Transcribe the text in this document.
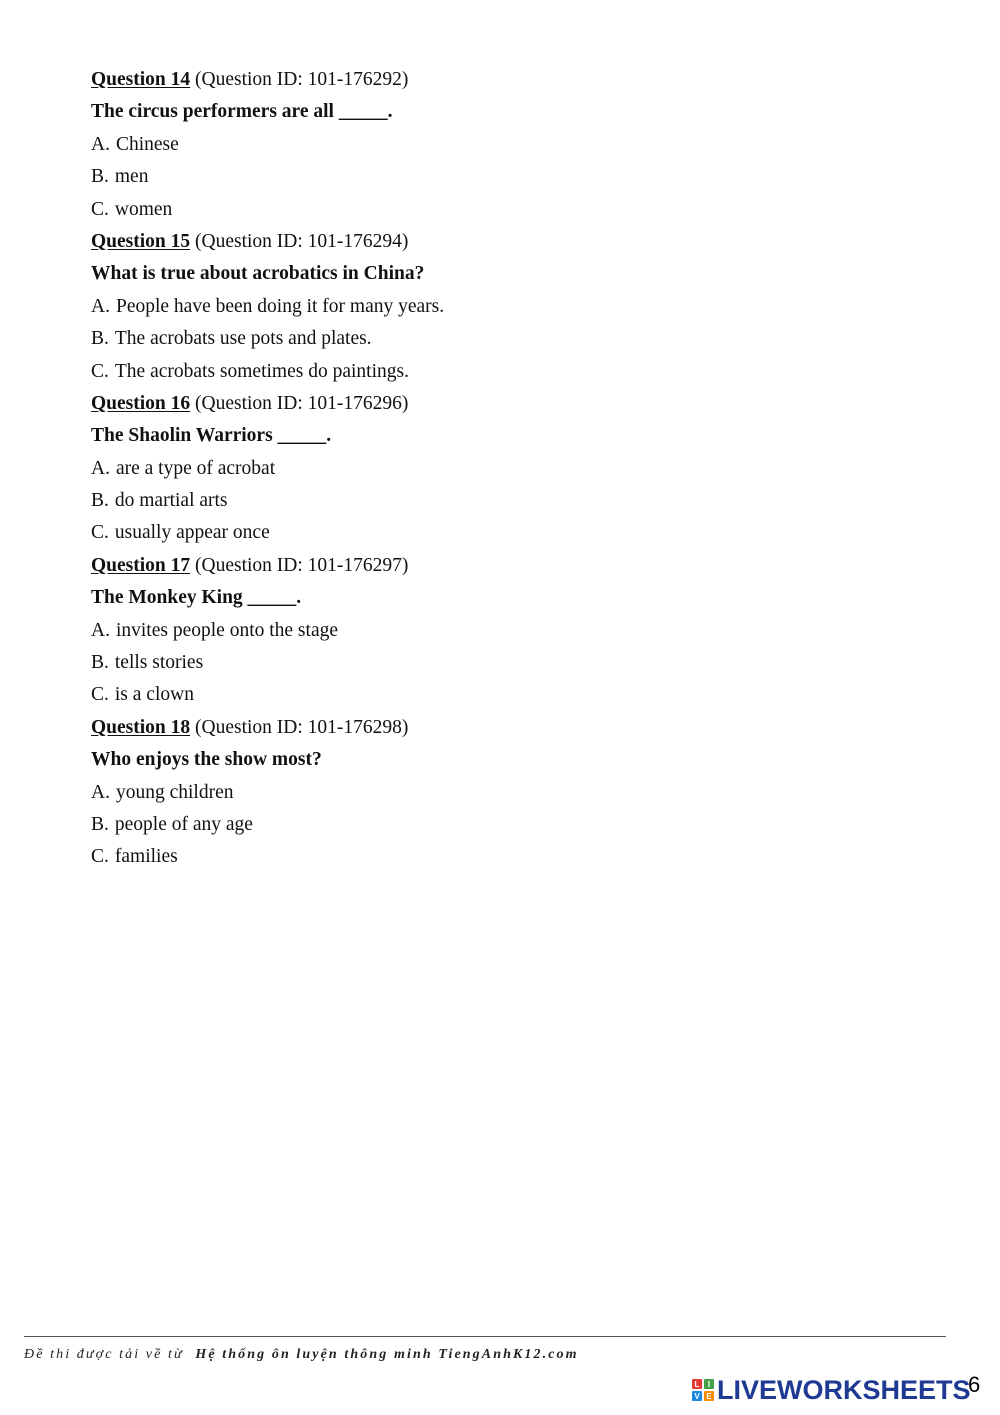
Question 14 (Question ID: 101-176292)
The circus performers are all _____.
A. Chinese
B. men
C. women
Question 15 (Question ID: 101-176294)
What is true about acrobatics in China?
A. People have been doing it for many years.
B. The acrobats use pots and plates.
C. The acrobats sometimes do paintings.
Question 16 (Question ID: 101-176296)
The Shaolin Warriors _____.
A. are a type of acrobat
B. do martial arts
C. usually appear once
Question 17 (Question ID: 101-176297)
The Monkey King _____.
A. invites people onto the stage
B. tells stories
C. is a clown
Question 18 (Question ID: 101-176298)
Who enjoys the show most?
A. young children
B. people of any age
C. families
Đề thi được tải về từ Hệ thống ôn luyện thông minh TiengAnhK12.com
L	I
V E LIVEWORKSHEETS
6
